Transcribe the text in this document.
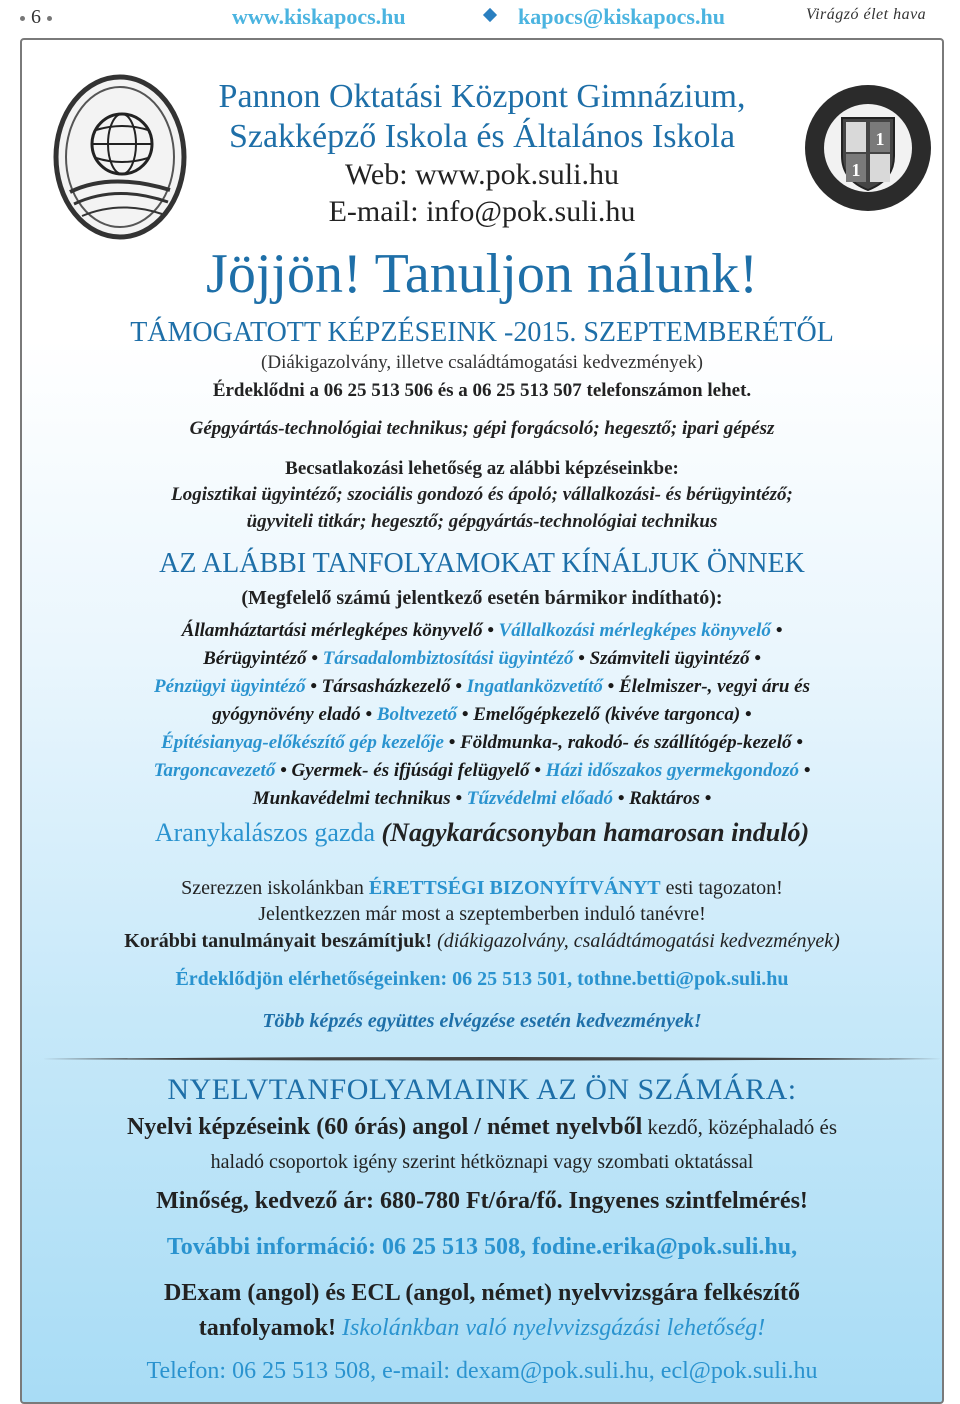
6	www.kiskapocs.hu	kapocs@kiskapocs.hu	Virágzó élet hava
Pannon Oktatási Központ Gimnázium,
Szakképző Iskola és Általános Iskola
Web: www.pok.suli.hu
E-mail: info@pok.suli.hu
1
1
Jöjjön! Tanuljon nálunk!
TÁMOGATOTT KÉPZÉSEINK -2015. SZEPTEMBERÉTŐL
(Diákigazolvány, illetve családtámogatási kedvezmények)
Érdeklődni a 06 25 513 506 és a 06 25 513 507 telefonszámon lehet.
Gépgyártás-technológiai technikus; gépi forgácsoló; hegesztő; ipari gépész
Becsatlakozási lehetőség az alábbi képzéseinkbe:
Logisztikai ügyintéző; szociális gondozó és ápoló; vállalkozási- és bérügyintéző;
ügyviteli titkár; hegesztő; gépgyártás-technológiai technikus
AZ ALÁBBI TANFOLYAMOKAT KÍNÁLJUK ÖNNEK
(Megfelelő számú jelentkező esetén bármikor indítható):
Államháztartási mérlegképes könyvelő • Vállalkozási mérlegképes könyvelő •
Bérügyintéző • Társadalombiztosítási ügyintéző • Számviteli ügyintéző •
Pénzügyi ügyintéző • Társasházkezelő • Ingatlanközvetítő • Élelmiszer-, vegyi áru és
gyógynövény eladó • Boltvezető • Emelőgépkezelő (kivéve targonca) •
Építésianyag-előkészítő gép kezelője • Földmunka-, rakodó- és szállítógép-kezelő •
Targoncavezető • Gyermek- és ifjúsági felügyelő • Házi időszakos gyermekgondozó •
Munkavédelmi technikus • Tűzvédelmi előadó • Raktáros •
Aranykalászos gazda (Nagykarácsonyban hamarosan induló)
Szerezzen iskolánkban ÉRETTSÉGI BIZONYÍTVÁNYT esti tagozaton!
Jelentkezzen már most a szeptemberben induló tanévre!
Korábbi tanulmányait beszámítjuk! (diákigazolvány, családtámogatási kedvezmények)
Érdeklődjön elérhetőségeinken: 06 25 513 501, tothne.betti@pok.suli.hu
Több képzés együttes elvégzése esetén kedvezmények!
NYELVTANFOLYAMAINK AZ ÖN SZÁMÁRA:
Nyelvi képzéseink (60 órás) angol / német nyelvből kezdő, középhaladó és
haladó csoportok igény szerint hétköznapi vagy szombati oktatással
Minőség, kedvező ár: 680-780 Ft/óra/fő. Ingyenes szintfelmérés!
További információ: 06 25 513 508, fodine.erika@pok.suli.hu,
DExam (angol) és ECL (angol, német) nyelvvizsgára felkészítő
tanfolyamok! Iskolánkban való nyelvvizsgázási lehetőség!
Telefon: 06 25 513 508, e-mail: dexam@pok.suli.hu, ecl@pok.suli.hu
